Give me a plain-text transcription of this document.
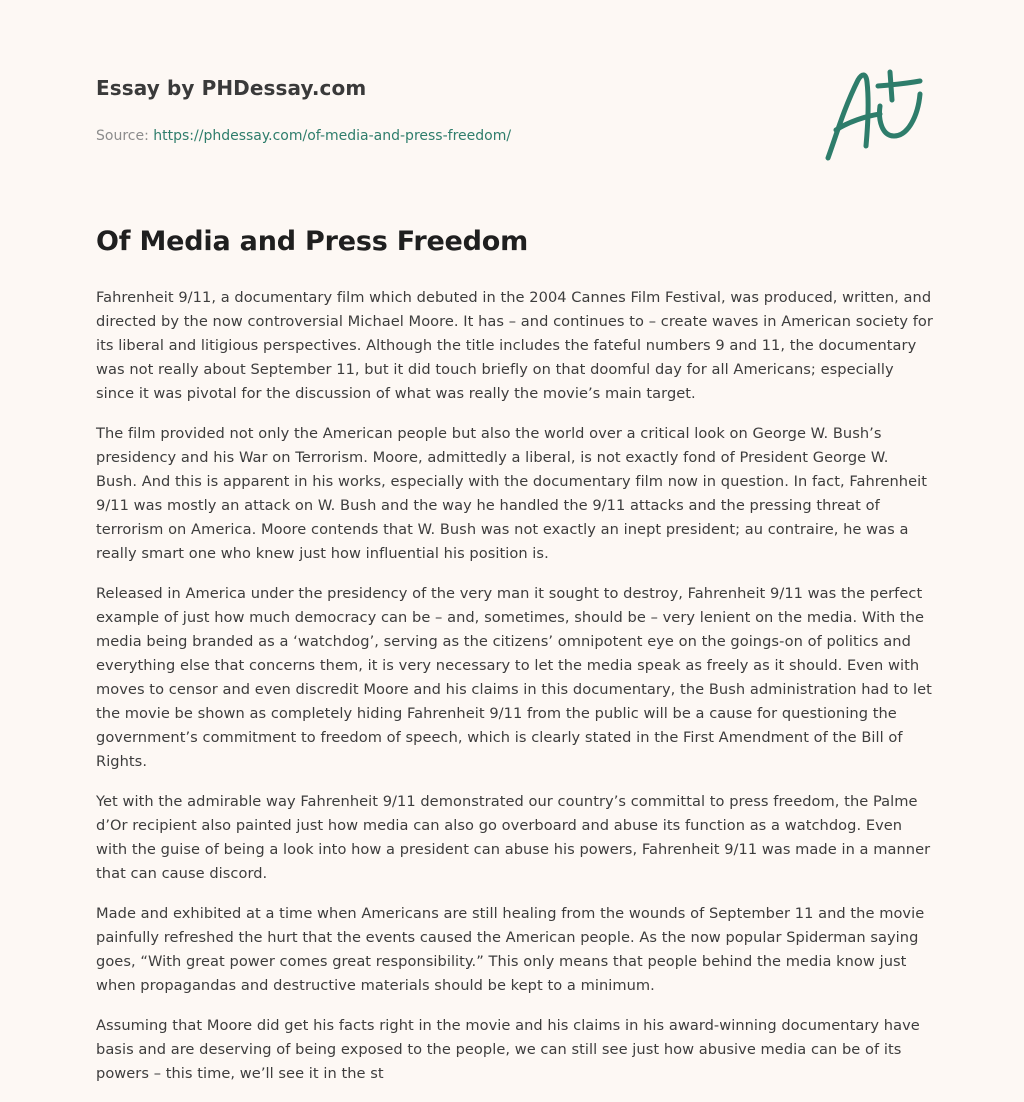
Essay by PHDessay.com
Source: https://phdessay.com/of-media-and-press-freedom/
Of Media and Press Freedom

Fahrenheit 9/11, a documentary film which debuted in the 2004 Cannes Film Festival, was produced, written, and directed by the now controversial Michael Moore. It has – and continues to – create waves in American society for its liberal and litigious perspectives. Although the title includes the fateful numbers 9 and 11, the documentary was not really about September 11, but it did touch briefly on that doomful day for all Americans; especially since it was pivotal for the discussion of what was really the movie’s main target.

The film provided not only the American people but also the world over a critical look on George W. Bush’s presidency and his War on Terrorism. Moore, admittedly a liberal, is not exactly fond of President George W. Bush. And this is apparent in his works, especially with the documentary film now in question. In fact, Fahrenheit 9/11 was mostly an attack on W. Bush and the way he handled the 9/11 attacks and the pressing threat of terrorism on America. Moore contends that W. Bush was not exactly an inept president; au contraire, he was a really smart one who knew just how influential his position is.

Released in America under the presidency of the very man it sought to destroy, Fahrenheit 9/11 was the perfect example of just how much democracy can be – and, sometimes, should be – very lenient on the media. With the media being branded as a ‘watchdog’, serving as the citizens’ omnipotent eye on the goings-on of politics and everything else that concerns them, it is very necessary to let the media speak as freely as it should. Even with moves to censor and even discredit Moore and his claims in this documentary, the Bush administration had to let the movie be shown as completely hiding Fahrenheit 9/11 from the public will be a cause for questioning the government’s commitment to freedom of speech, which is clearly stated in the First Amendment of the Bill of Rights.

Yet with the admirable way Fahrenheit 9/11 demonstrated our country’s committal to press freedom, the Palme d’Or recipient also painted just how media can also go overboard and abuse its function as a watchdog. Even with the guise of being a look into how a president can abuse his powers, Fahrenheit 9/11 was made in a manner that can cause discord.

Made and exhibited at a time when Americans are still healing from the wounds of September 11 and the movie painfully refreshed the hurt that the events caused the American people. As the now popular Spiderman saying goes, “With great power comes great responsibility.” This only means that people behind the media know just when propagandas and destructive materials should be kept to a minimum.

Assuming that Moore did get his facts right in the movie and his claims in his award-winning documentary have basis and are deserving of being exposed to the people, we can still see just how abusive media can be of its powers – this time, we’ll see it in the st
